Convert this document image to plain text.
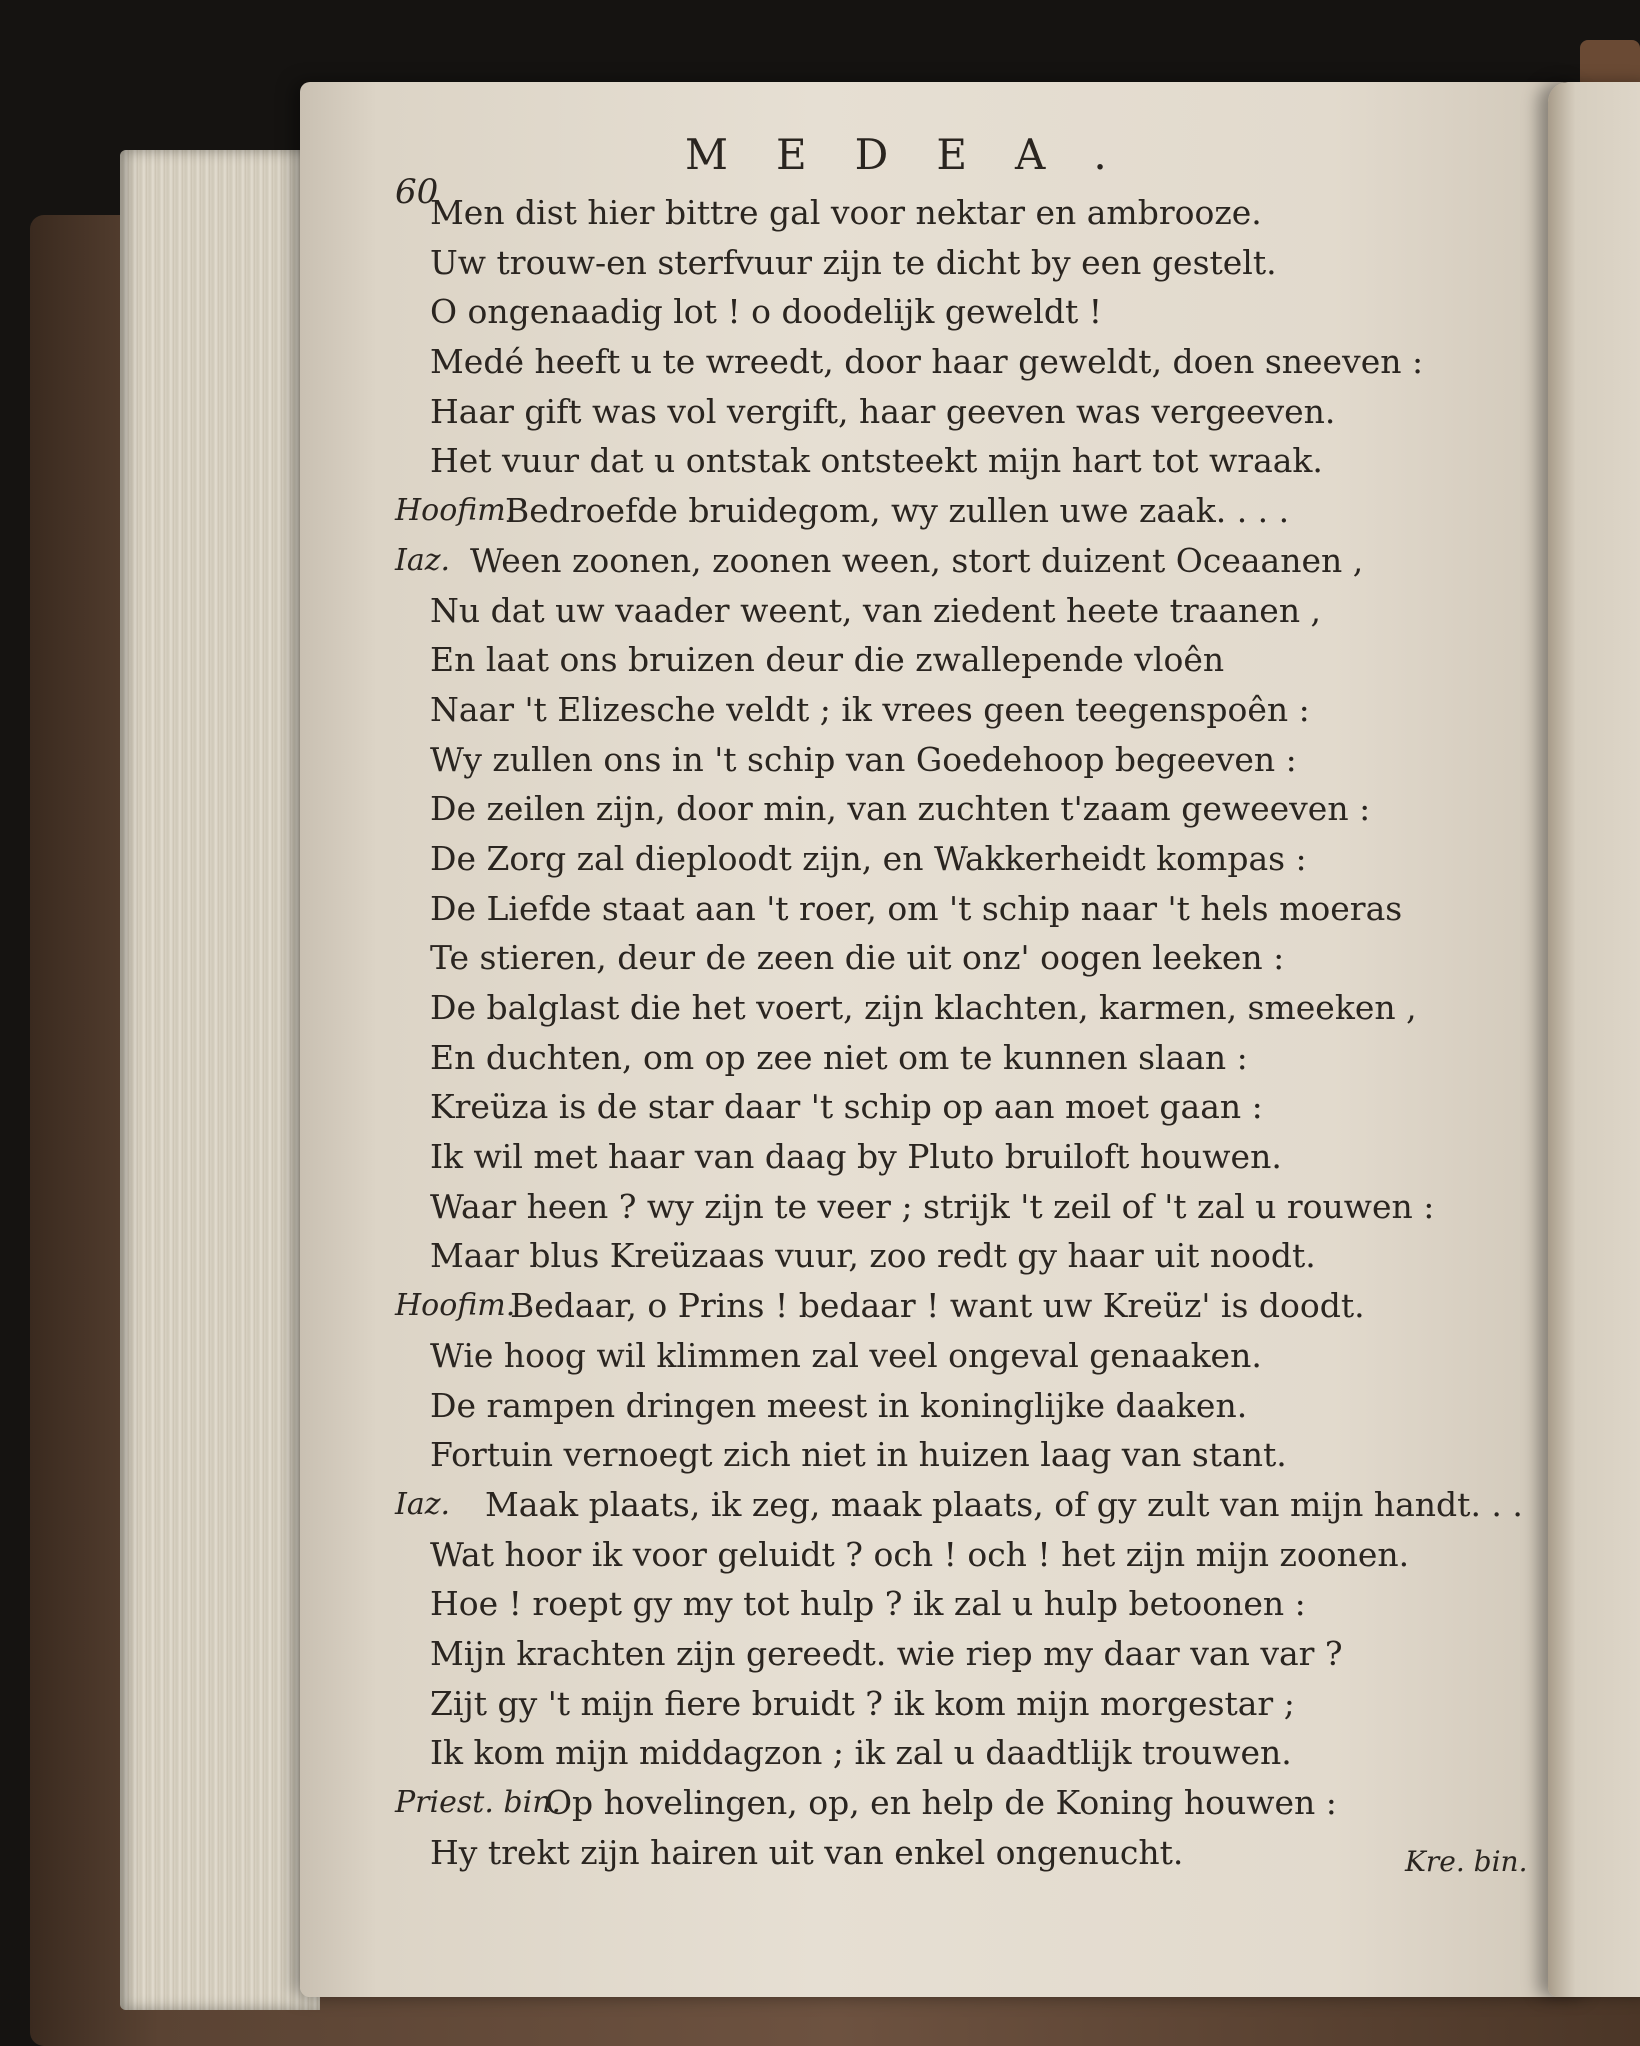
60
MEDEA.
Men dist hier bittre gal voor nektar en ambrooze.
Uw trouw-en sterfvuur zijn te dicht by een gestelt.
O ongenaadig lot ! o doodelijk geweldt !
Medé heeft u te wreedt, door haar geweldt, doen sneeven :
Haar gift was vol vergift, haar geeven was vergeeven.
Het vuur dat u ontstak ontsteekt mijn hart tot wraak.
Hoofim.
Bedroefde bruidegom, wy zullen uwe zaak. . . .
Iaz. Ween zoonen, zoonen ween, stort duizent Oceaanen ,
Nu dat uw vaader weent, van ziedent heete traanen ,
En laat ons bruizen deur die zwallepende vloên
Naar 't Elizesche veldt ; ik vrees geen teegenspoên :
Wy zullen ons in 't schip van Goedehoop begeeven :
De zeilen zijn, door min, van zuchten t'zaam geweeven :
De Zorg zal dieploodt zijn, en Wakkerheidt kompas :
De Liefde staat aan 't roer, om 't schip naar 't hels moeras
Te stieren, deur de zeen die uit onz' oogen leeken :
De balglast die het voert, zijn klachten, karmen, smeeken ,
En duchten, om op zee niet om te kunnen slaan :
Kreüza is de star daar 't schip op aan moet gaan :
Ik wil met haar van daag by Pluto bruiloft houwen.
Waar heen ? wy zijn te veer ; strijk 't zeil of 't zal u rouwen :
Maar blus Kreüzaas vuur, zoo redt gy haar uit noodt.
Hoofim.
Bedaar, o Prins ! bedaar ! want uw Kreüz' is doodt.
Wie hoog wil klimmen zal veel ongeval genaaken.
De rampen dringen meest in koninglijke daaken.
Fortuin vernoegt zich niet in huizen laag van stant.
Iaz. Maak plaats, ik zeg, maak plaats, of gy zult van mijn handt. . .
Wat hoor ik voor geluidt ? och ! och ! het zijn mijn zoonen.
Hoe ! roept gy my tot hulp ? ik zal u hulp betoonen :
Mijn krachten zijn gereedt. wie riep my daar van var ?
Zijt gy 't mijn fiere bruidt ? ik kom mijn morgestar ;
Ik kom mijn middagzon ; ik zal u daadtlijk trouwen.
Priest. bin.
Op hovelingen, op, en help de Koning houwen :
Hy trekt zijn hairen uit van enkel ongenucht.	Kre. bin.
